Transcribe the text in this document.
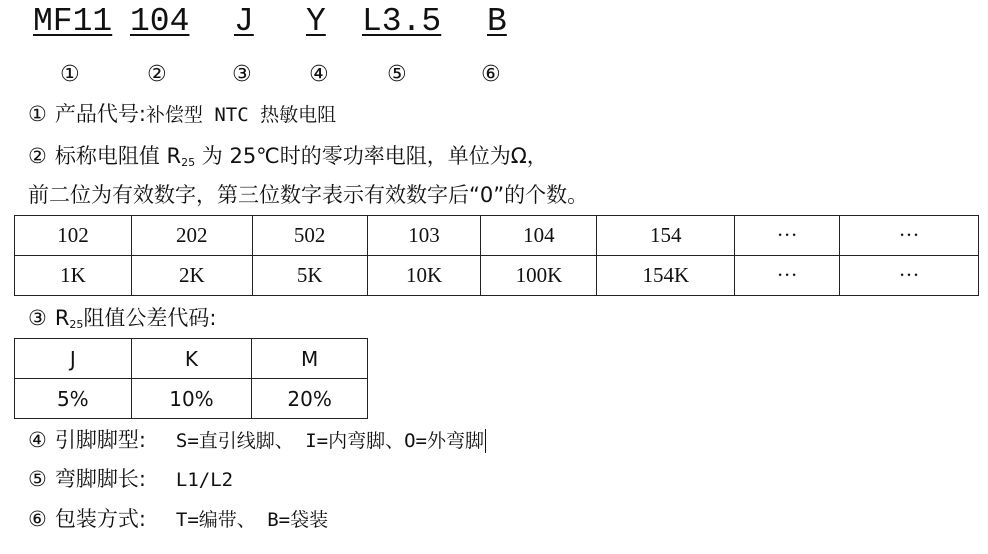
MF11 104 J Y L3.5 B
①	②	③	④	⑤	⑥
① 产品代号:补偿型 NTC 热敏电阻
② 标称电阻值 R25 为 25℃时的零功率电阻，单位为Ω，
前二位为有效数字，第三位数字表示有效数字后“0”的个数。
102	202	502	103	104	154	···	···
1K	2K	5K	10K	100K	154K	···	···
③ R25阻值公差代码:
J	K	M
5%	10%	20%
④ 引脚脚型: S=直引线脚、 I=内弯脚、O=外弯脚
⑤ 弯脚脚长: L1/L2
⑥ 包装方式: T=编带、 B=袋装
